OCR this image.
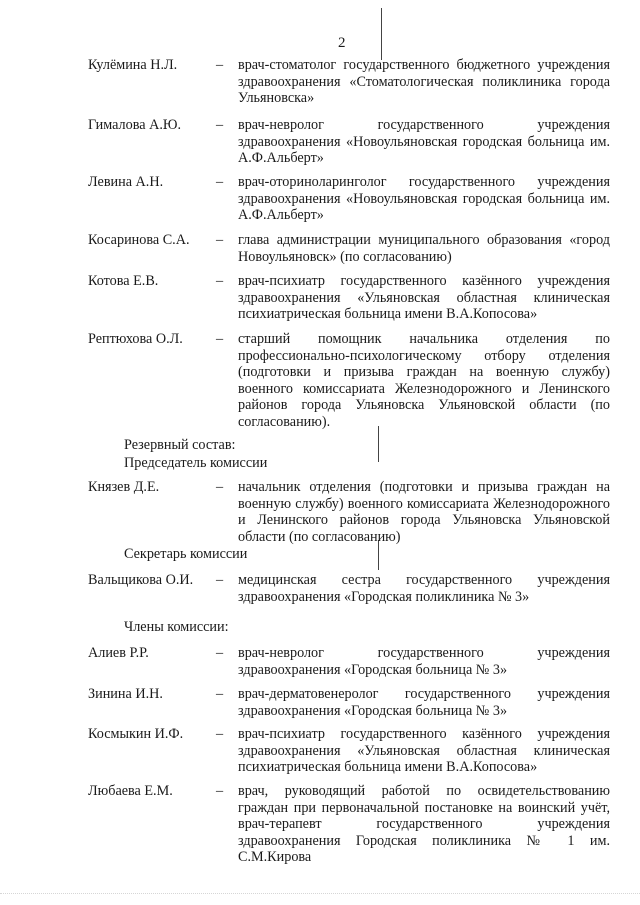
2
Кулёмина Н.Л.	– врач-стоматолог государственного бюджетного учреждения здравоохранения «Стоматологическая поликлиника города Ульяновска»
Гималова А.Ю. – врач-невролог государственного учреждения здравоохранения «Новоульяновская городская больница им. А.Ф.Альберт»
Левина А.Н.	– врач-оториноларинголог государственного учреждения здравоохранения «Новоульяновская городская больница им. А.Ф.Альберт»
Косаринова С.А. – глава администрации муниципального образования «город Новоульяновск» (по согласованию)
Котова Е.В.	– врач-психиатр государственного казённого учреждения здравоохранения «Ульяновская областная клиническая психиатрическая больница имени В.А.Копосова»
Рептюхова О.Л. – старший помощник начальника отделения по профессионально-психологическому отбору отделения (подготовки и призыва граждан на военную службу) военного комиссариата Железнодорожного и Ленинского районов города Ульяновска Ульяновской области (по согласованию).
Резервный состав:
Председатель комиссии
Князев Д.Е.	– начальник отделения (подготовки и призыва граждан на военную службу) военного комиссариата Железнодорожного и Ленинского районов города Ульяновска Ульяновской области (по согласованию)
Секретарь комиссии
Вальщикова О.И. – медицинская сестра государственного учреждения здравоохранения «Городская поликлиника № 3»
Члены комиссии:
Алиев Р.Р.	– врач-невролог государственного учреждения здравоохранения «Городская больница № 3»
Зинина И.Н.	– врач-дерматовенеролог государственного учреждения здравоохранения «Городская больница № 3»
Космыкин И.Ф. – врач-психиатр государственного казённого учреждения здравоохранения «Ульяновская областная клиническая психиатрическая больница имени В.А.Копосова»
Любаева Е.М.	– врач, руководящий работой по освидетельствованию граждан при первоначальной постановке на воинский учёт, врач-терапевт государственного учреждения здравоохранения Городская поликлиника № 1 им. С.М.Кирова
